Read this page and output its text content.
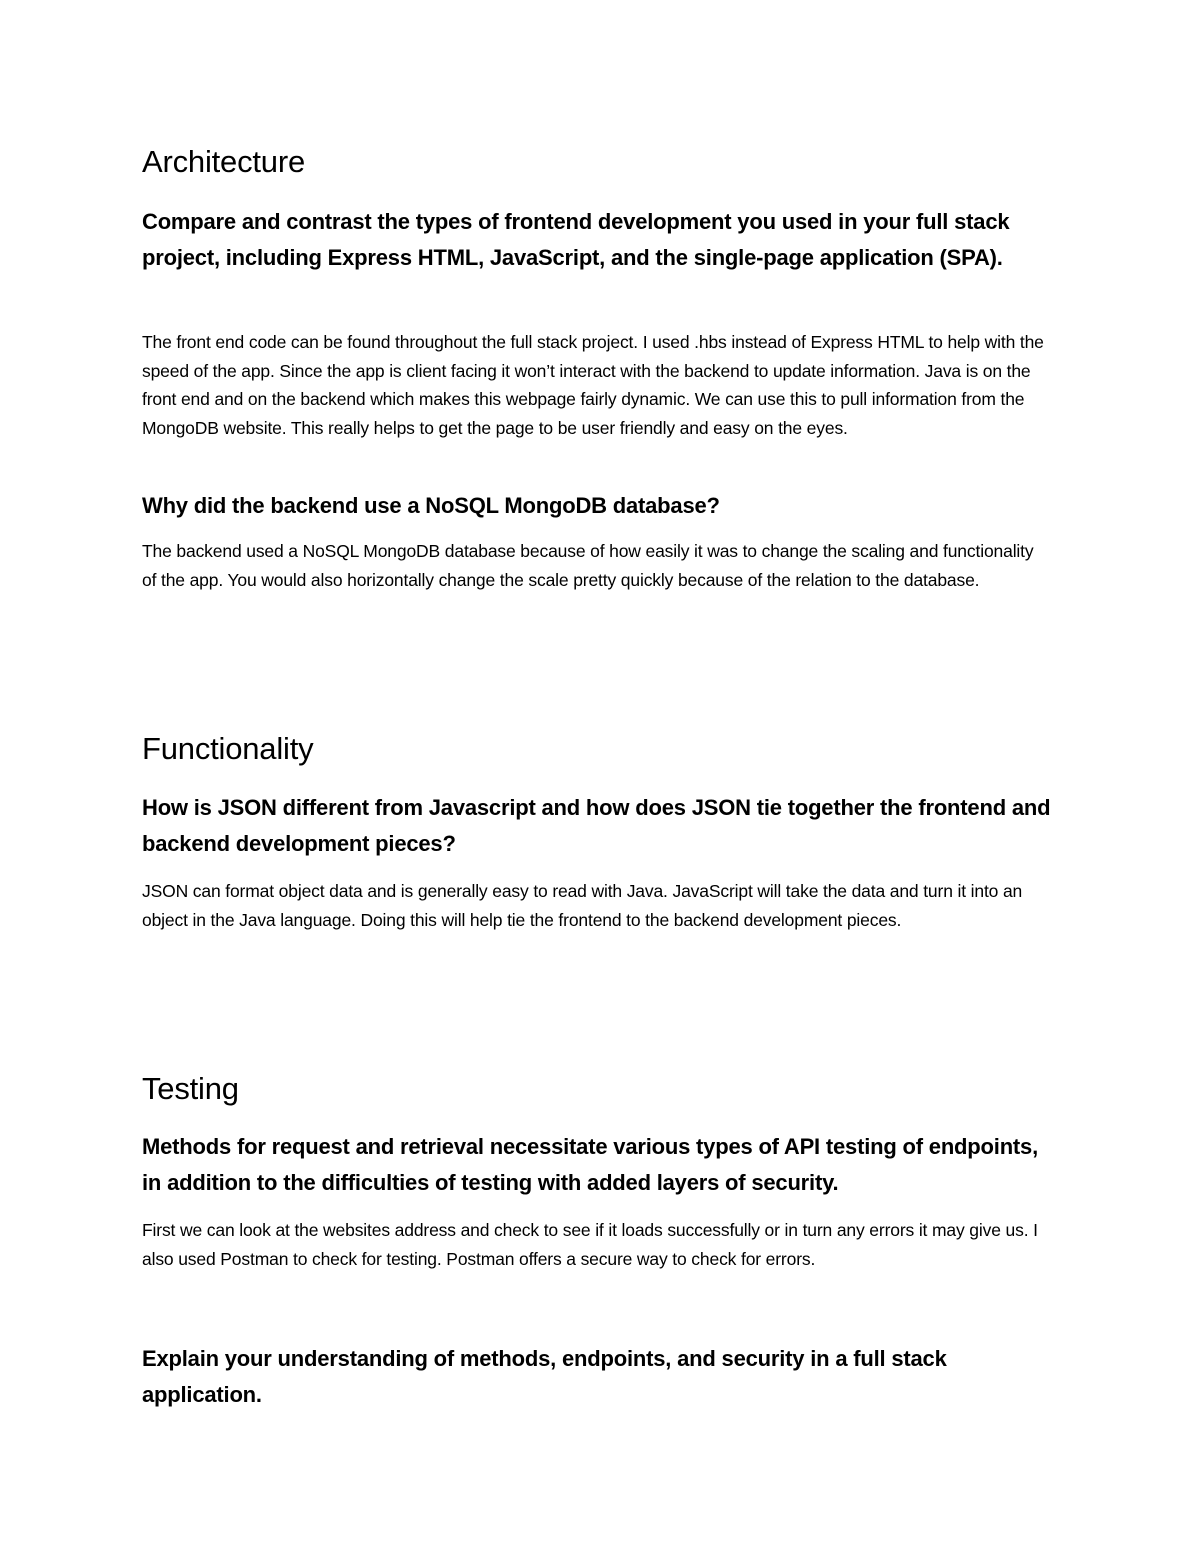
Architecture
Compare and contrast the types of frontend development you used in your full stack project, including Express HTML, JavaScript, and the single-page application (SPA).
The front end code can be found throughout the full stack project. I used .hbs instead of Express HTML to help with the speed of the app. Since the app is client facing it won’t interact with the backend to update information. Java is on the front end and on the backend which makes this webpage fairly dynamic. We can use this to pull information from the MongoDB website. This really helps to get the page to be user friendly and easy on the eyes.
Why did the backend use a NoSQL MongoDB database?
The backend used a NoSQL MongoDB database because of how easily it was to change the scaling and functionality of the app. You would also horizontally change the scale pretty quickly because of the relation to the database.
Functionality
How is JSON different from Javascript and how does JSON tie together the frontend and backend development pieces?
JSON can format object data and is generally easy to read with Java. JavaScript will take the data and turn it into an object in the Java language. Doing this will help tie the frontend to the backend development pieces.
Testing
Methods for request and retrieval necessitate various types of API testing of endpoints, in addition to the difficulties of testing with added layers of security.
First we can look at the websites address and check to see if it loads successfully or in turn any errors it may give us. I also used Postman to check for testing. Postman offers a secure way to check for errors.
Explain your understanding of methods, endpoints, and security in a full stack application.
